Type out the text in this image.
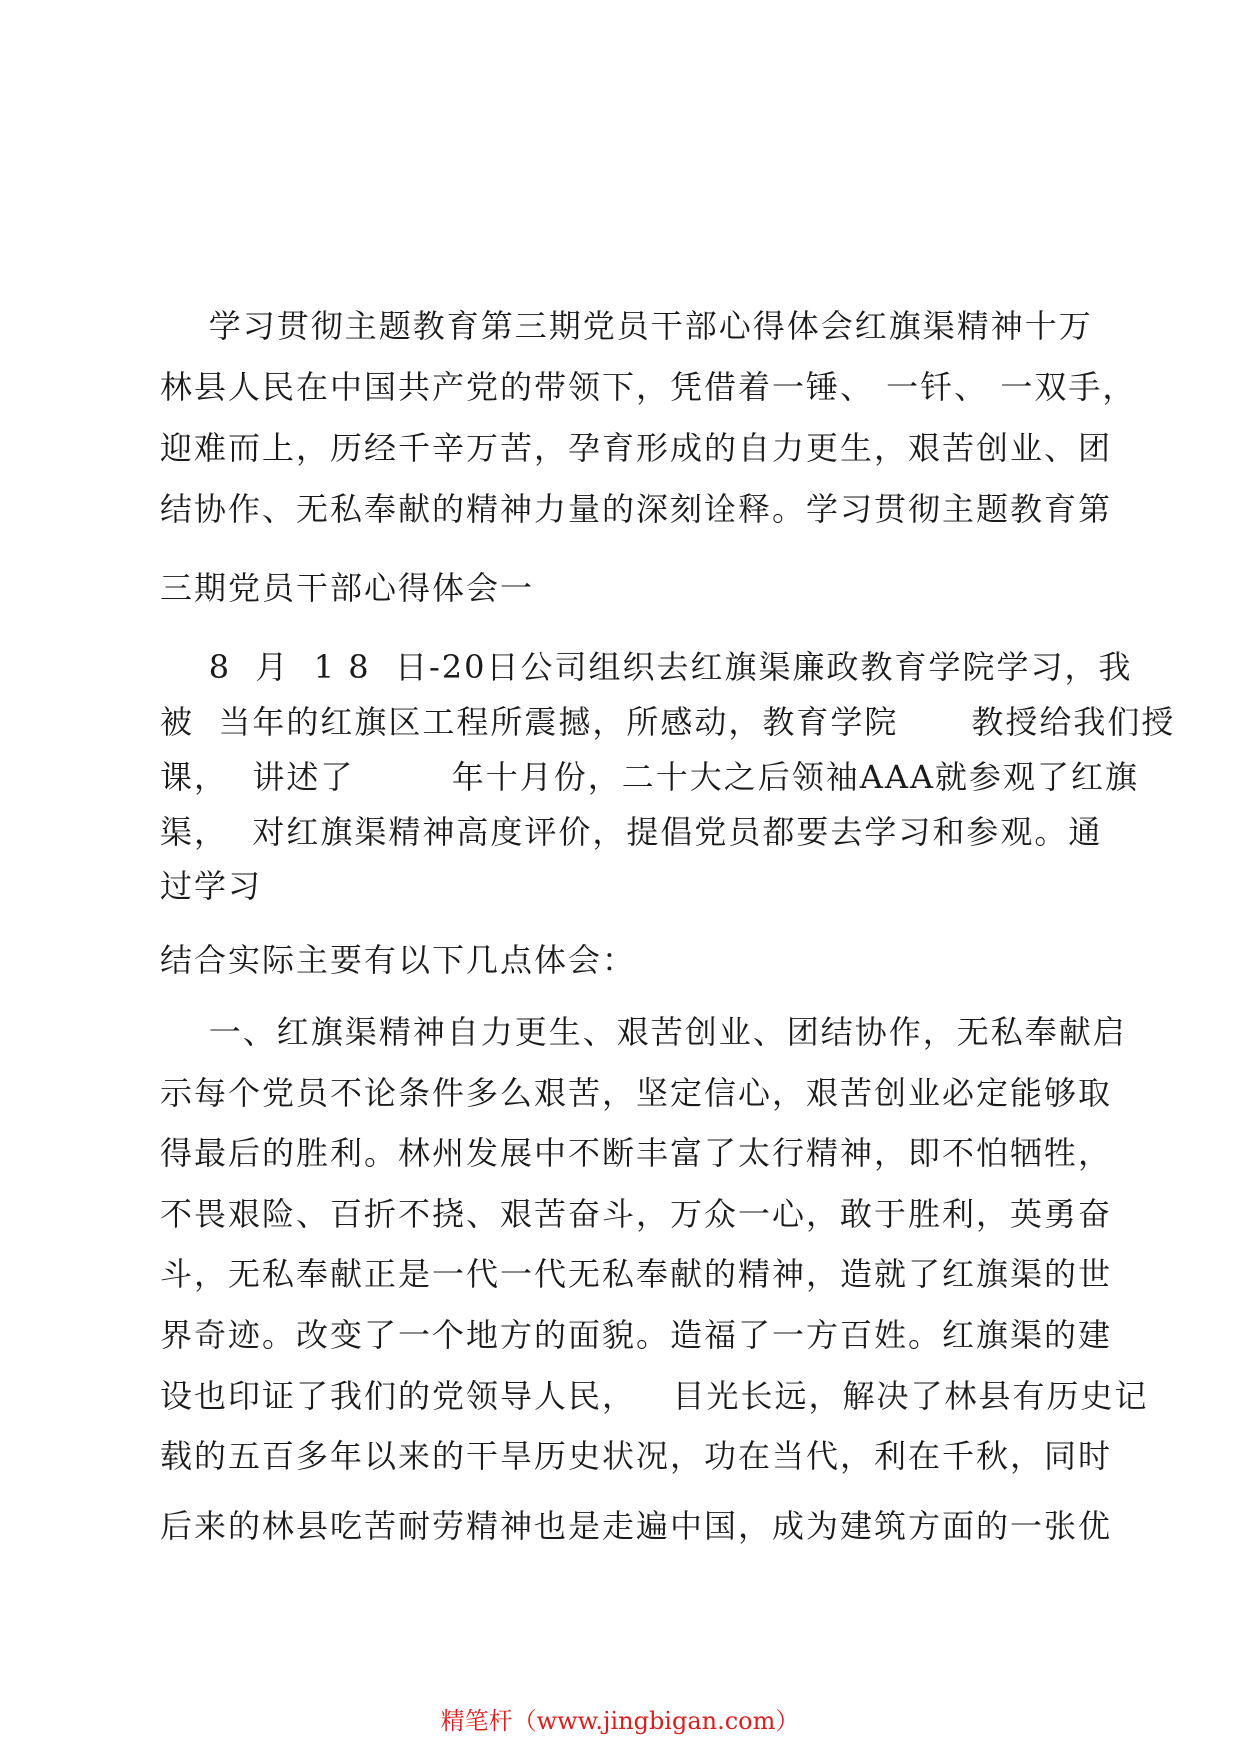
学习贯彻主题教育第三期党员干部心得体会红旗渠精神十万
林县人民在中国共产党的带领下，凭借着一锤、 一钎、 一双手，
迎难而上，历经千辛万苦，孕育形成的自力更生，艰苦创业、团
结协作、无私奉献的精神力量的深刻诠释。学习贯彻主题教育第
三期党员干部心得体会一
8  月  1 8  日-20日公司组织去红旗渠廉政教育学院学习，我
被  当年的红旗区工程所震撼，所感动，教育学院      教授给我们授
课，  讲述了        年十月份，二十大之后领袖AAA就参观了红旗
渠，  对红旗渠精神高度评价，提倡党员都要去学习和参观。通
过学习
结合实际主要有以下几点体会：
一、红旗渠精神自力更生、艰苦创业、团结协作，无私奉献启
示每个党员不论条件多么艰苦，坚定信心，艰苦创业必定能够取
得最后的胜利。林州发展中不断丰富了太行精神，即不怕牺牲，
不畏艰险、百折不挠、艰苦奋斗，万众一心，敢于胜利，英勇奋
斗，无私奉献正是一代一代无私奉献的精神，造就了红旗渠的世
界奇迹。改变了一个地方的面貌。造福了一方百姓。红旗渠的建
设也印证了我们的党领导人民，   目光长远，解决了林县有历史记
载的五百多年以来的干旱历史状况，功在当代，利在千秋，同时
后来的林县吃苦耐劳精神也是走遍中国，成为建筑方面的一张优
精笔杆（www.jingbigan.com）
